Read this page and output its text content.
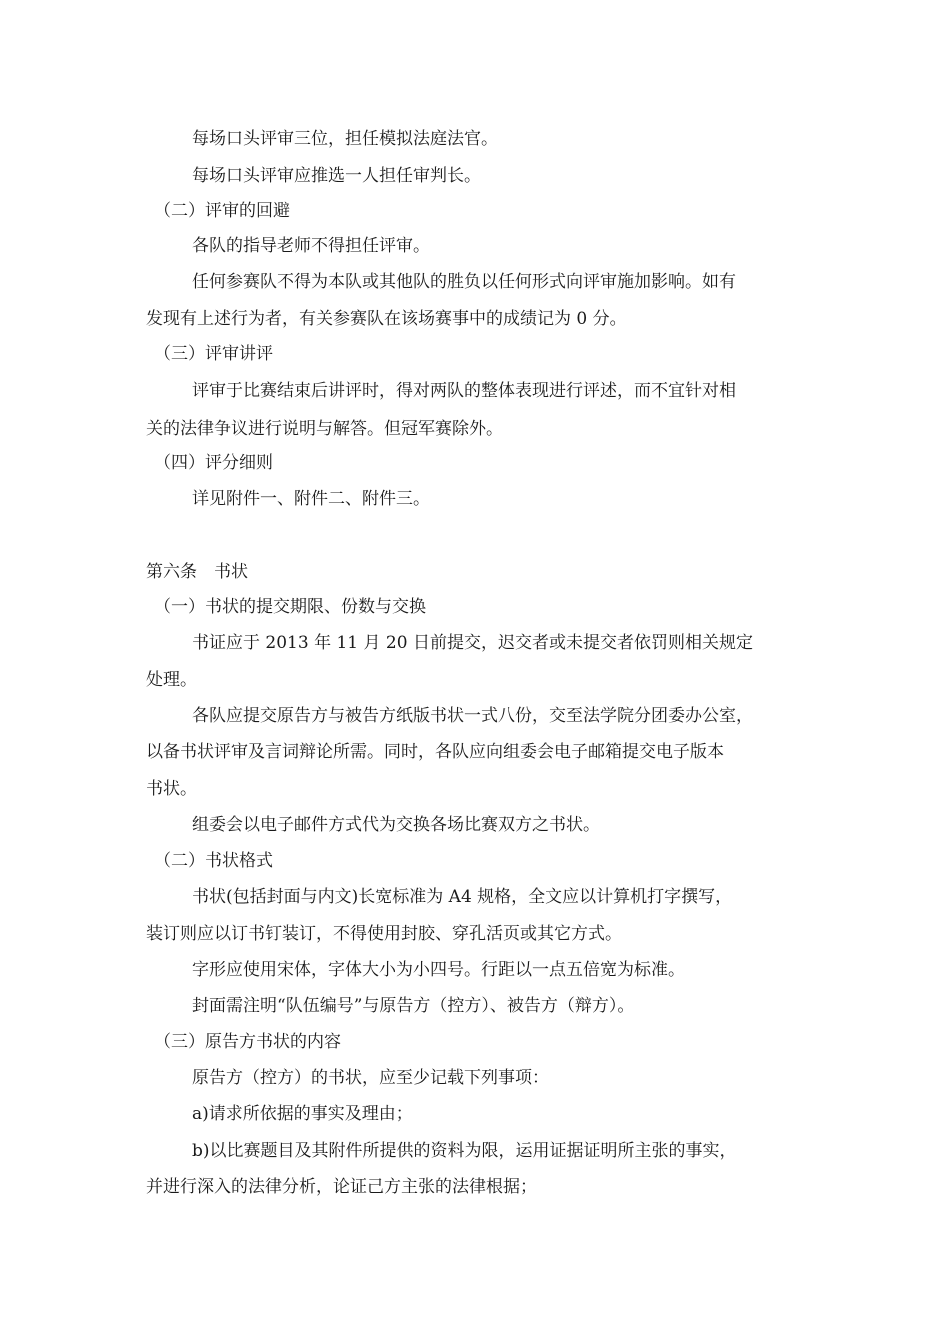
每场口头评审三位，担任模拟法庭法官。
每场口头评审应推选一人担任审判长。
（二）评审的回避
各队的指导老师不得担任评审。
任何参赛队不得为本队或其他队的胜负以任何形式向评审施加影响。如有
发现有上述行为者，有关参赛队在该场赛事中的成绩记为 0 分。
（三）评审讲评
评审于比赛结束后讲评时，得对两队的整体表现进行评述，而不宜针对相
关的法律争议进行说明与解答。但冠军赛除外。
（四）评分细则
详见附件一、附件二、附件三。
第六条　书状
（一）书状的提交期限、份数与交换
书证应于 2013 年 11 月 20 日前提交，迟交者或未提交者依罚则相关规定
处理。
各队应提交原告方与被告方纸版书状一式八份，交至法学院分团委办公室，
以备书状评审及言词辩论所需。同时，各队应向组委会电子邮箱提交电子版本
书状。
组委会以电子邮件方式代为交换各场比赛双方之书状。
（二）书状格式
书状(包括封面与内文)长宽标准为 A4 规格，全文应以计算机打字撰写，
装订则应以订书钉装订，不得使用封胶、穿孔活页或其它方式。
字形应使用宋体，字体大小为小四号。行距以一点五倍宽为标准。
封面需注明“队伍编号”与原告方（控方）、被告方（辩方）。
（三）原告方书状的内容
原告方（控方）的书状，应至少记载下列事项：
a)请求所依据的事实及理由；
b)以比赛题目及其附件所提供的资料为限，运用证据证明所主张的事实，
并进行深入的法律分析，论证己方主张的法律根据；
